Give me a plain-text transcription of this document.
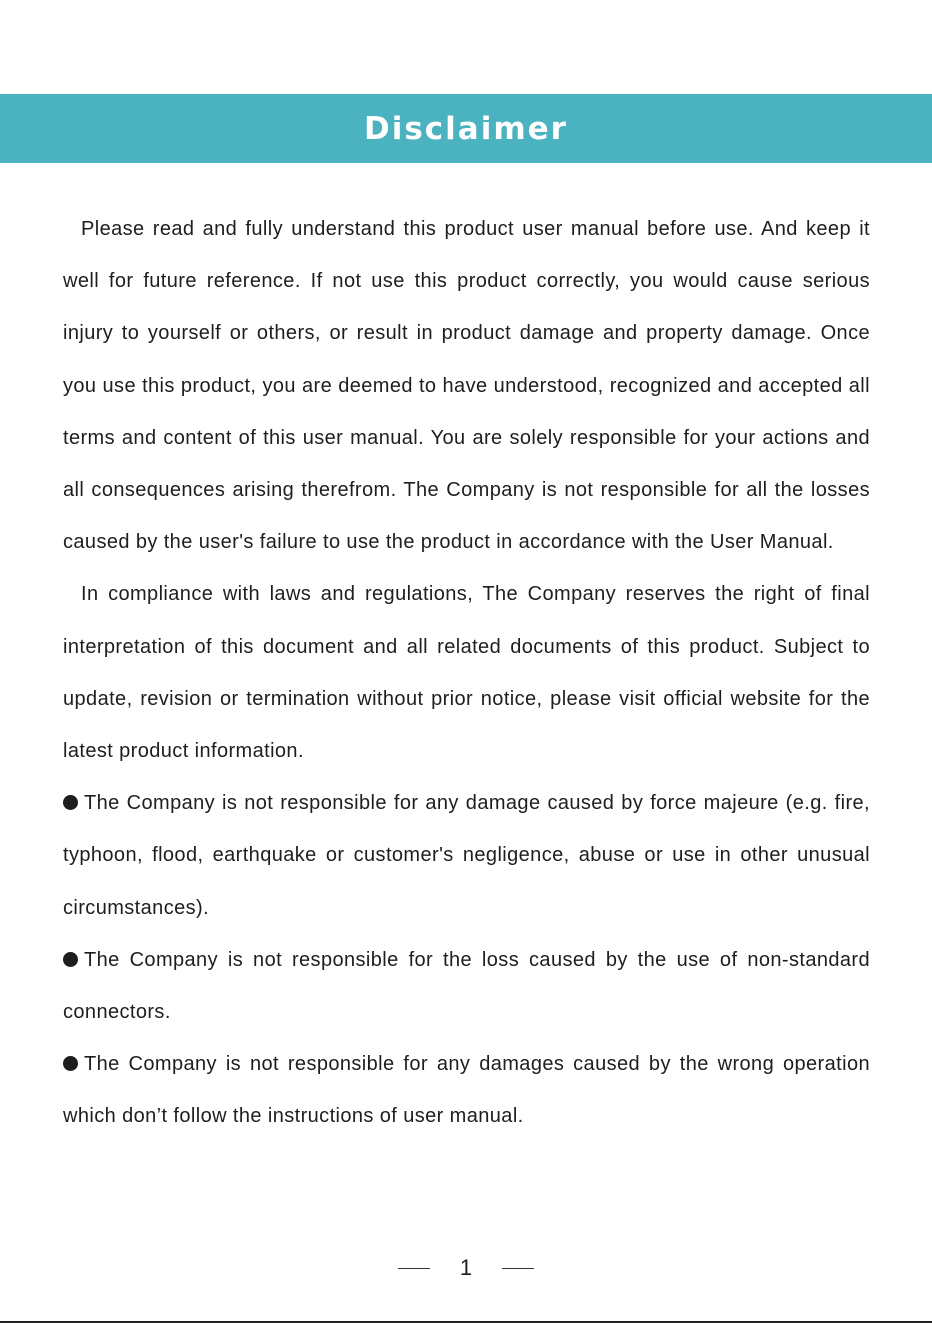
Disclaimer

Please read and fully understand this product user manual before use. And keep it well for future reference. If not use this product correctly, you would cause serious injury to yourself or others, or result in product damage and property damage. Once you use this product, you are deemed to have understood, recognized and accepted all terms and content of this user manual. You are solely responsible for your actions and all consequences arising therefrom. The Company is not responsible for all the losses caused by the user's failure to use the product in accordance with the User Manual.

In compliance with laws and regulations, The Company reserves the right of final interpretation of this document and all related documents of this product. Subject to update, revision or termination without prior notice, please visit official website for the latest product information.

The Company is not responsible for any damage caused by force majeure (e.g. fire, typhoon, flood, earthquake or customer's negligence, abuse or use in other unusual circumstances).

The Company is not responsible for the loss caused by the use of non-standard connectors.

The Company is not responsible for any damages caused by the wrong operation which don’t follow the instructions of user manual.

1
